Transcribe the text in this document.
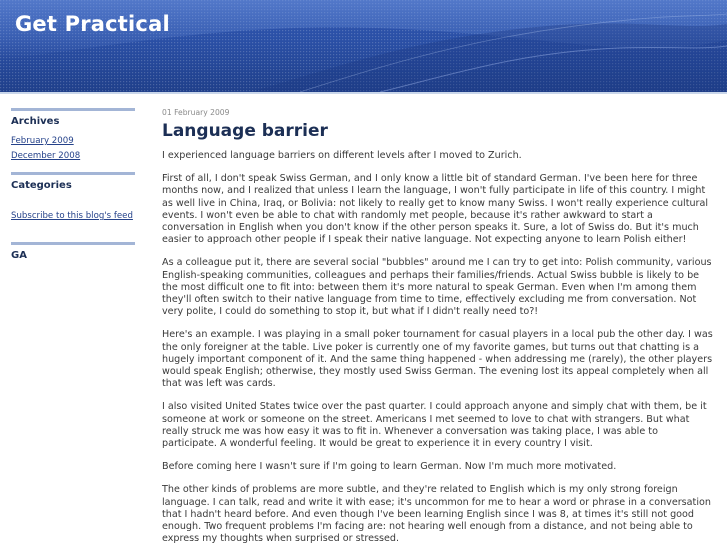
Get Practical
Archives
February 2009
December 2008
Categories
Subscribe to this blog's feed
GA
01 February 2009
Language barrier

I experienced language barriers on different levels after I moved to Zurich.

First of all, I don't speak Swiss German, and I only know a little bit of standard German. I've been here for three months now, and I realized that unless I learn the language, I won't fully participate in life of this country. I might as well live in China, Iraq, or Bolivia: not likely to really get to know many Swiss. I won't really experience cultural events. I won't even be able to chat with randomly met people, because it's rather awkward to start a conversation in English when you don't know if the other person speaks it. Sure, a lot of Swiss do. But it's much easier to approach other people if I speak their native language. Not expecting anyone to learn Polish either!

As a colleague put it, there are several social "bubbles" around me I can try to get into: Polish community, various English-speaking communities, colleagues and perhaps their families/friends. Actual Swiss bubble is likely to be the most difficult one to fit into: between them it's more natural to speak German. Even when I'm among them they'll often switch to their native language from time to time, effectively excluding me from conversation. Not very polite, I could do something to stop it, but what if I didn't really need to?!

Here's an example. I was playing in a small poker tournament for casual players in a local pub the other day. I was the only foreigner at the table. Live poker is currently one of my favorite games, but turns out that chatting is a hugely important component of it. And the same thing happened - when addressing me (rarely), the other players would speak English; otherwise, they mostly used Swiss German. The evening lost its appeal completely when all that was left was cards.

I also visited United States twice over the past quarter. I could approach anyone and simply chat with them, be it someone at work or someone on the street. Americans I met seemed to love to chat with strangers. But what really struck me was how easy it was to fit in. Whenever a conversation was taking place, I was able to participate. A wonderful feeling. It would be great to experience it in every country I visit.

Before coming here I wasn't sure if I'm going to learn German. Now I'm much more motivated.

The other kinds of problems are more subtle, and they're related to English which is my only strong foreign language. I can talk, read and write it with ease; it's uncommon for me to hear a word or phrase in a conversation that I hadn't heard before. And even though I've been learning English since I was 8, at times it's still not good enough. Two frequent problems I'm facing are: not hearing well enough from a distance, and not being able to express my thoughts when surprised or stressed.
